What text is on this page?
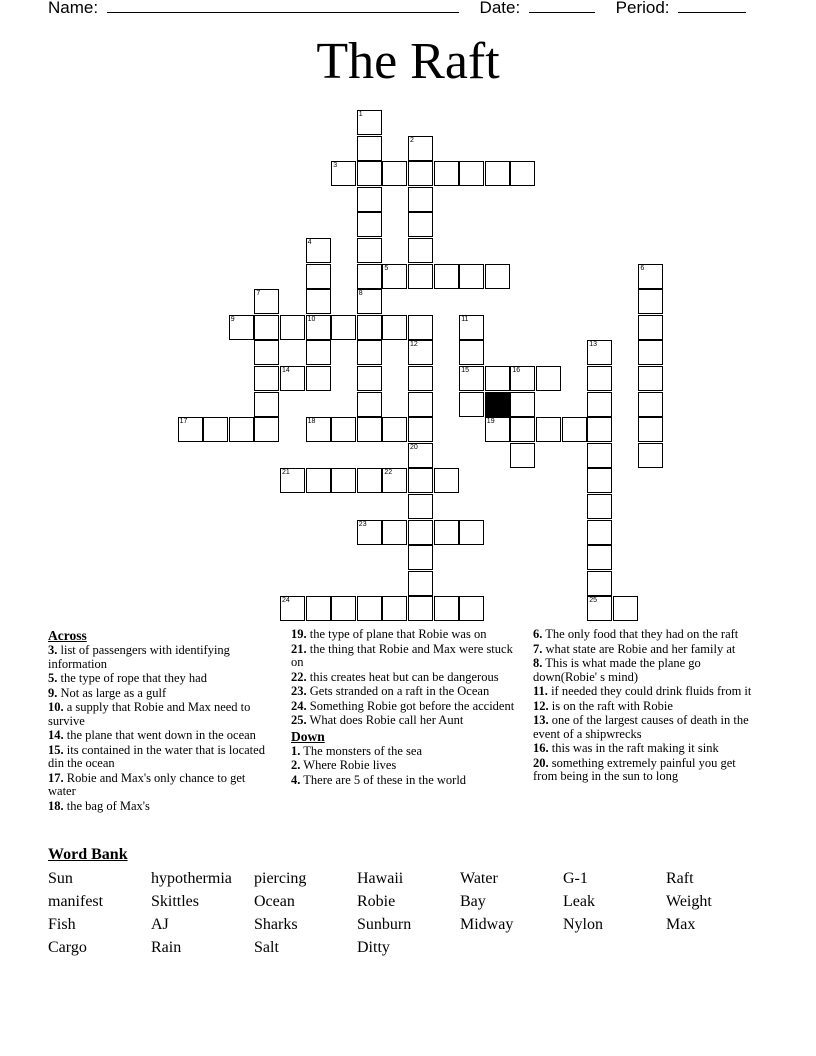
Name:	Date:	Period:
The Raft
1
2
3
4
10
5	6
7	8
9	11
15
12	13
25
14	16
17	18	19
20
21	22
23
24
Across
3. list of passengers with identifying information
5. the type of rope that they had
9. Not as large as a gulf
10. a supply that Robie and Max need to survive
14. the plane that went down in the ocean
15. its contained in the water that is located din the ocean
17. Robie and Max's only chance to get water
18. the bag of Max's
19. the type of plane that Robie was on
21. the thing that Robie and Max were stuck on
22. this creates heat but can be dangerous
23. Gets stranded on a raft in the Ocean
24. Something Robie got before the accident
25. What does Robie call her Aunt
Down
1. The monsters of the sea
2. Where Robie lives
4. There are 5 of these in the world
6. The only food that they had on the raft
7. what state are Robie and her family at
8. This is what made the plane go down(Robie' s mind)
11. if needed they could drink fluids from it
12. is on the raft with Robie
13. one of the largest causes of death in the event of a shipwrecks
16. this was in the raft making it sink
20. something extremely painful you get from being in the sun to long
Word Bank
Sun	hypothermia	piercing	Hawaii	Water	G-1	Raft
manifest	Skittles	Ocean	Robie	Bay	Leak	Weight
Fish	AJ	Sharks	Sunburn	Midway	Nylon	Max
Cargo	Rain	Salt	Ditty
